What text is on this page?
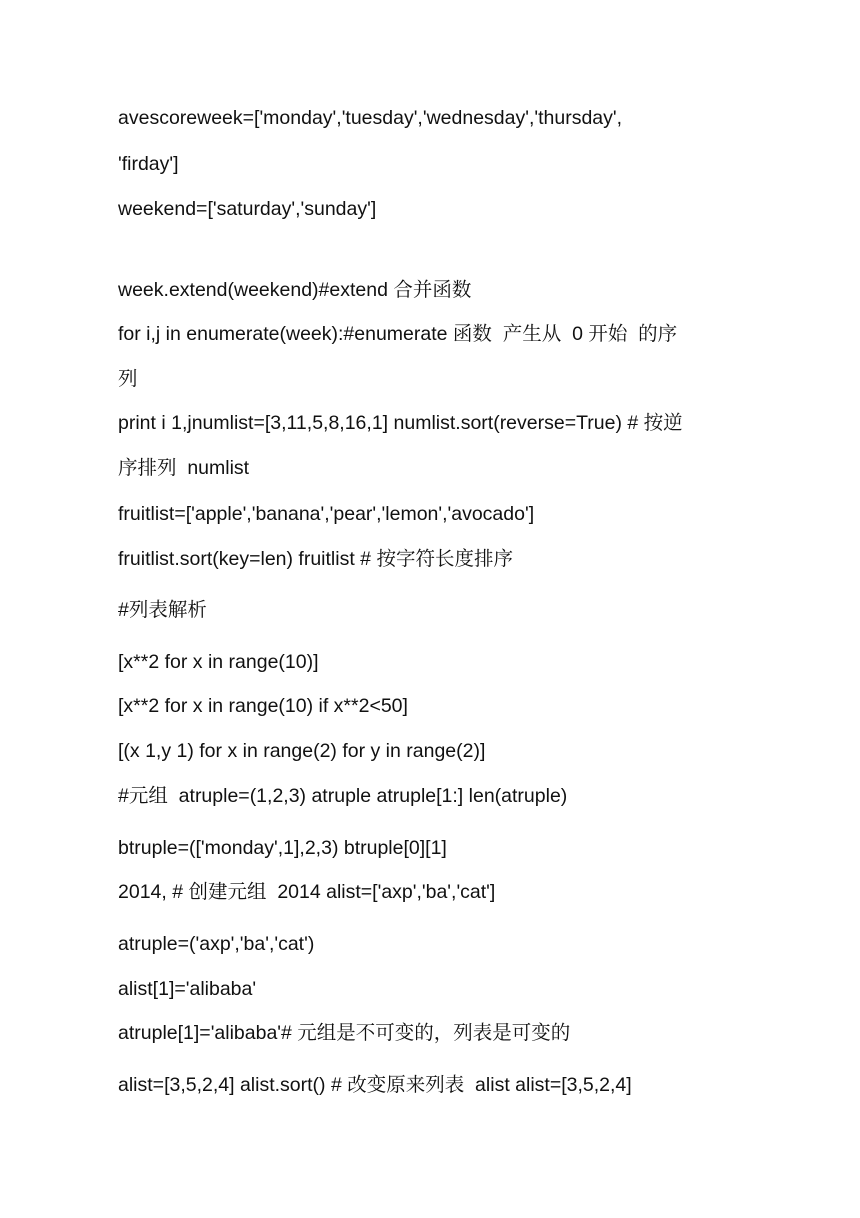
avescoreweek=['monday','tuesday','wednesday','thursday',

'firday']

weekend=['saturday','sunday']

week.extend(weekend)#extend 合并函数

for i,j in enumerate(week):#enumerate 函数  产生从  0 开始  的序

列

print i 1,jnumlist=[3,11,5,8,16,1] numlist.sort(reverse=True) # 按逆

序排列  numlist

fruitlist=['apple','banana','pear','lemon','avocado']

fruitlist.sort(key=len) fruitlist # 按字符长度排序

#列表解析

[x**2 for x in range(10)]

[x**2 for x in range(10) if x**2<50]

[(x 1,y 1) for x in range(2) for y in range(2)]

#元组  atruple=(1,2,3) atruple atruple[1:] len(atruple)

btruple=(['monday',1],2,3) btruple[0][1]

2014, # 创建元组  2014 alist=['axp','ba','cat']

atruple=('axp','ba','cat')

alist[1]='alibaba'

atruple[1]='alibaba'# 元组是不可变的，列表是可变的

alist=[3,5,2,4] alist.sort() # 改变原来列表  alist alist=[3,5,2,4]
